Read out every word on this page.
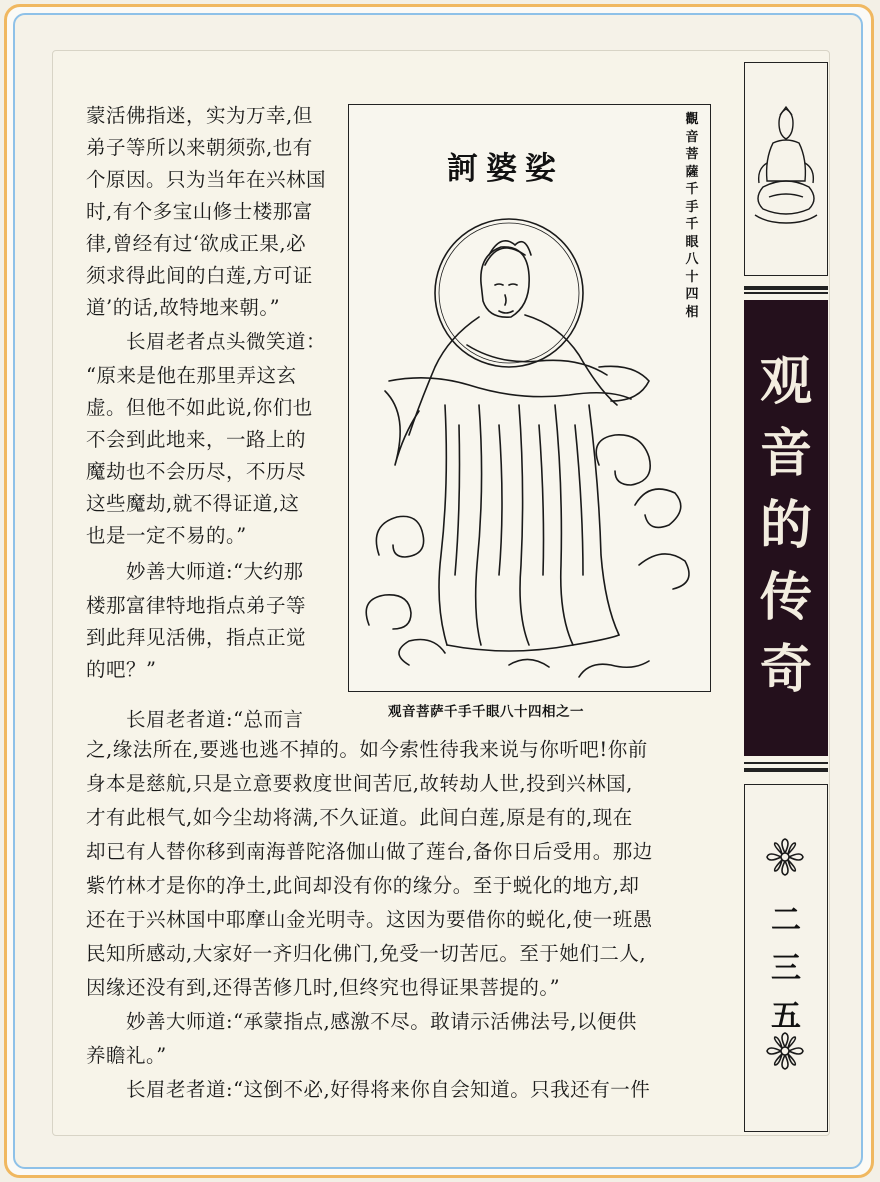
蒙活佛指迷，实为万幸,但
弟子等所以来朝须弥,也有
个原因。只为当年在兴林国
时,有个多宝山修士楼那富
律,曾经有过‘欲成正果,必
须求得此间的白莲,方可证
道’的话,故特地来朝。”
长眉老者点头微笑道：
“原来是他在那里弄这玄
虚。但他不如此说,你们也
不会到此地来，一路上的
魔劫也不会历尽，不历尽
这些魔劫,就不得证道,这
也是一定不易的。”
妙善大师道:“大约那
楼那富律特地指点弟子等
到此拜见活佛，指点正觉
的吧？”
长眉老者道:“总而言
之,缘法所在,要逃也逃不掉的。如今索性待我来说与你听吧!你前
身本是慈航,只是立意要救度世间苦厄,故转劫人世,投到兴林国,
才有此根气,如今尘劫将满,不久证道。此间白莲,原是有的,现在
却已有人替你移到南海普陀洛伽山做了莲台,备你日后受用。那边
紫竹林才是你的净土,此间却没有你的缘分。至于蜕化的地方,却
还在于兴林国中耶摩山金光明寺。这因为要借你的蜕化,使一班愚
民知所感动,大家好一齐归化佛门,免受一切苦厄。至于她们二人,
因缘还没有到,还得苦修几时,但终究也得证果菩提的。”
妙善大师道:“承蒙指点,感激不尽。敢请示活佛法号,以便供
养瞻礼。”
长眉老者道:“这倒不必,好得将来你自会知道。只我还有一件
訶婆娑
觀音菩薩千手千眼八十四相
观音菩萨千手千眼八十四相之一
观
音
的
传
奇
二
三
五
